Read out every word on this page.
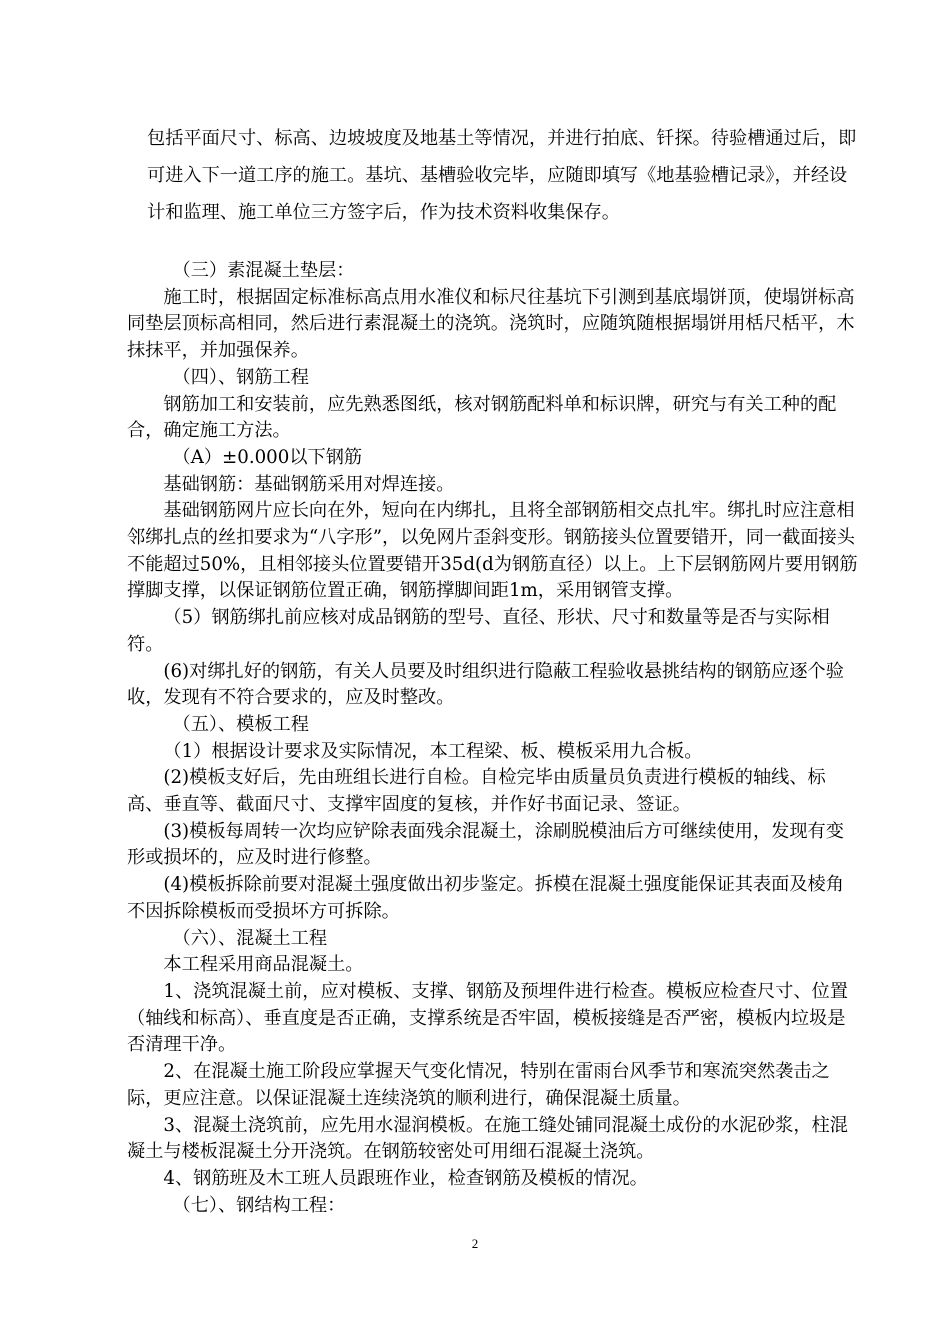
包括平面尺寸、标高、边坡坡度及地基土等情况，并进行拍底、钎探。待验槽通过后，即可进入下一道工序的施工。基坑、基槽验收完毕，应随即填写《地基验槽记录》，并经设计和监理、施工单位三方签字后，作为技术资料收集保存。

（三）素混凝土垫层：
施工时，根据固定标准标高点用水准仪和标尺往基坑下引测到基底塌饼顶，使塌饼标高同垫层顶标高相同，然后进行素混凝土的浇筑。浇筑时，应随筑随根据塌饼用栝尺栝平，木抹抹平，并加强保养。
（四）、钢筋工程
钢筋加工和安装前，应先熟悉图纸，核对钢筋配料单和标识牌，研究与有关工种的配合，确定施工方法。
（A）±0.000以下钢筋
基础钢筋：基础钢筋采用对焊连接。
基础钢筋网片应长向在外，短向在内绑扎，且将全部钢筋相交点扎牢。绑扎时应注意相邻绑扎点的丝扣要求为“八字形”，以免网片歪斜变形。钢筋接头位置要错开，同一截面接头不能超过50%，且相邻接头位置要错开35d(d为钢筋直径）以上。上下层钢筋网片要用钢筋撑脚支撑，以保证钢筋位置正确，钢筋撑脚间距1m，采用钢管支撑。
（5）钢筋绑扎前应核对成品钢筋的型号、直径、形状、尺寸和数量等是否与实际相符。
(6)对绑扎好的钢筋，有关人员要及时组织进行隐蔽工程验收悬挑结构的钢筋应逐个验收，发现有不符合要求的，应及时整改。
（五）、模板工程
（1）根据设计要求及实际情况，本工程梁、板、模板采用九合板。
(2)模板支好后，先由班组长进行自检。自检完毕由质量员负责进行模板的轴线、标高、垂直等、截面尺寸、支撑牢固度的复核，并作好书面记录、签证。
(3)模板每周转一次均应铲除表面残余混凝土，涂刷脱模油后方可继续使用，发现有变形或损坏的，应及时进行修整。
(4)模板拆除前要对混凝土强度做出初步鉴定。拆模在混凝土强度能保证其表面及棱角不因拆除模板而受损坏方可拆除。
（六）、混凝土工程
本工程采用商品混凝土。
1、浇筑混凝土前，应对模板、支撑、钢筋及预埋件进行检查。模板应检查尺寸、位置（轴线和标高）、垂直度是否正确，支撑系统是否牢固，模板接缝是否严密，模板内垃圾是否清理干净。
2、在混凝土施工阶段应掌握天气变化情况，特别在雷雨台风季节和寒流突然袭击之际，更应注意。以保证混凝土连续浇筑的顺利进行，确保混凝土质量。
3、混凝土浇筑前，应先用水湿润模板。在施工缝处铺同混凝土成份的水泥砂浆，柱混凝土与楼板混凝土分开浇筑。在钢筋较密处可用细石混凝土浇筑。
4、钢筋班及木工班人员跟班作业，检查钢筋及模板的情况。
（七）、钢结构工程：
2
